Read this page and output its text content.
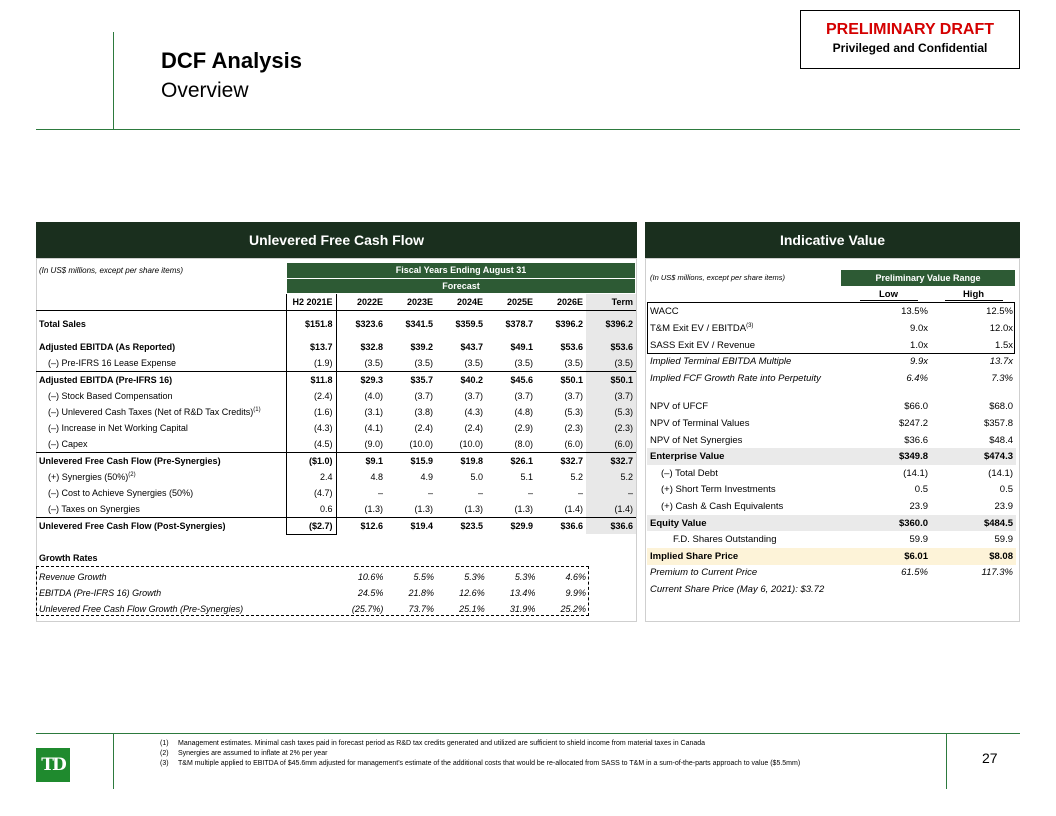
DCF Analysis
Overview
PRELIMINARY DRAFT
Privileged and Confidential
Unlevered Free Cash Flow
(In US$ millions, except per share items)	Fiscal Years Ending August 31
Forecast
	H2 2021E	2022E	2023E	2024E	2025E	2026E	Term

Total Sales	$151.8	$323.6	$341.5	$359.5	$378.7	$396.2	$396.2

Adjusted EBITDA (As Reported)	$13.7	$32.8	$39.2	$43.7	$49.1	$53.6	$53.6
(–) Pre-IFRS 16 Lease Expense	(1.9)	(3.5)	(3.5)	(3.5)	(3.5)	(3.5)	(3.5)
Adjusted EBITDA (Pre-IFRS 16)	$11.8	$29.3	$35.7	$40.2	$45.6	$50.1	$50.1
(–) Stock Based Compensation	(2.4)	(4.0)	(3.7)	(3.7)	(3.7)	(3.7)	(3.7)
(–) Unlevered Cash Taxes (Net of R&D Tax Credits)$^{(1)}$	(1.6)	(3.1)	(3.8)	(4.3)	(4.8)	(5.3)	(5.3)
(–) Increase in Net Working Capital	(4.3)	(4.1)	(2.4)	(2.4)	(2.9)	(2.3)	(2.3)
(–) Capex	(4.5)	(9.0)	(10.0)	(10.0)	(8.0)	(6.0)	(6.0)
Unlevered Free Cash Flow (Pre-Synergies)	($1.0)	$9.1	$15.9	$19.8	$26.1	$32.7	$32.7
(+) Synergies $(50\%)^{(2)}$	2.4	4.8	4.9	5.0	5.1	5.2	5.2
(–) Cost to Achieve Synergies (50%)	(4.7)	–	–	–	–	–	–
(–) Taxes on Synergies	0.6	(1.3)	(1.3)	(1.3)	(1.3)	(1.4)	(1.4)
Unlevered Free Cash Flow (Post-Synergies)	($2.7)	$12.6	$19.4	$23.5	$29.9	$36.6	$36.6

Growth Rates
Revenue Growth	10.6%	5.5%	5.3%	5.3%	4.6%
EBITDA (Pre-IFRS 16) Growth	24.5%	21.8%	12.6%	13.4%	9.9%
Unlevered Free Cash Flow Growth (Pre-Synergies)	(25.7%)	73.7%	25.1%	31.9%	25.2%
Indicative Value
(In US$ millions, except per share items)	Preliminary Value Range
	Low	High
WACC	13.5%	12.5%
T&M Exit EV / EBITDA$^{(3)}$	9.0x	12.0x
SASS Exit EV / Revenue	1.0x	1.5x
Implied Terminal EBITDA Multiple	9.9x	13.7x
Implied FCF Growth Rate into Perpetuity	6.4%	7.3%

NPV of UFCF	$66.0	$68.0
NPV of Terminal Values	$247.2	$357.8
NPV of Net Synergies	$36.6	$48.4
Enterprise Value	$349.8	$474.3
(–) Total Debt	(14.1)	(14.1)
(+) Short Term Investments	0.5	0.5
(+) Cash & Cash Equivalents	23.9	23.9
Equity Value	$360.0	$484.5
F.D. Shares Outstanding	59.9	59.9
Implied Share Price	$6.01	$8.08
Premium to Current Price	61.5%	117.3%
Current Share Price (May 6, 2021): $3.72		
TD
(1) Management estimates. Minimal cash taxes paid in forecast period as R&D tax credits generated and utilized are sufficient to shield income from material taxes in Canada
(2) Synergies are assumed to inflate at 2% per year
(3) T&M multiple applied to EBITDA of $45.6mm adjusted for management's estimate of the additional costs that would be re-allocated from SASS to T&M in a sum-of-the-parts approach to value ($5.5mm)	27
